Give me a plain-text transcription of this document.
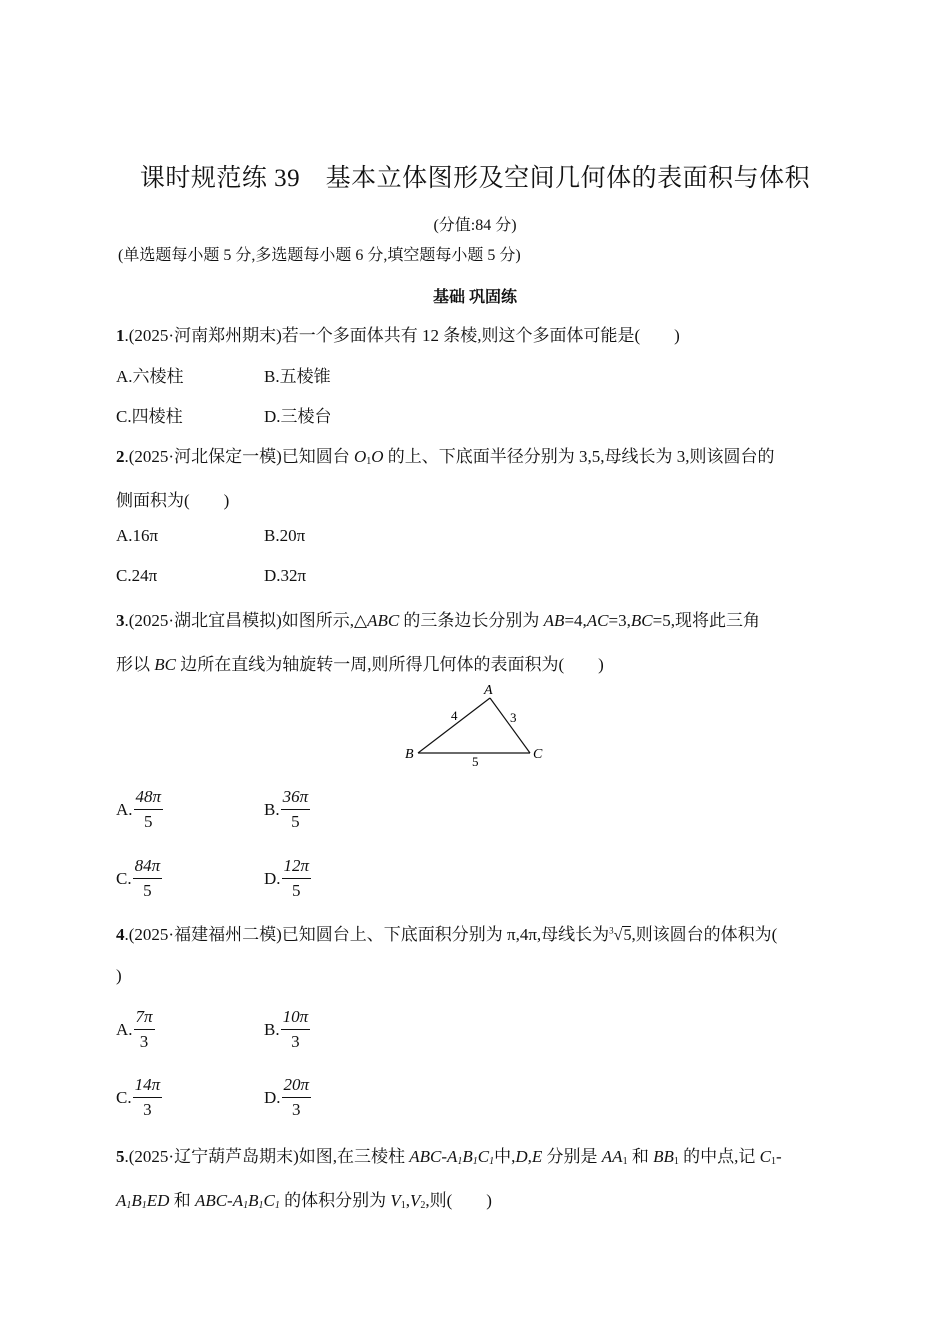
课时规范练 39　基本立体图形及空间几何体的表面积与体积
(分值:84 分)
(单选题每小题 5 分,多选题每小题 6 分,填空题每小题 5 分)
基础 巩固练
1.(2025·河南郑州期末)若一个多面体共有 12 条棱,则这个多面体可能是( )
A.六棱柱	B.五棱锥
C.四棱柱	D.三棱台
2.(2025·河北保定一模)已知圆台 $O_1O$ 的上、下底面半径分别为 3,5,母线长为 3,则该圆台的
侧面积为( )
A.16π	B.20π
C.24π	D.32π
3.(2025·湖北宜昌模拟)如图所示,△ABC 的三条边长分别为 AB=4,AC=3,BC=5,现将此三角
形以 BC 边所在直线为轴旋转一周,则所得几何体的表面积为( )
A
B	C
4	3
5
A. $\frac{48\pi}{5}$	B. $\frac{36\pi}{5}$
C. $\frac{84\pi}{5}$	D. $\frac{12\pi}{5}$
4.(2025·福建福州二模)已知圆台上、下底面积分别为 π,4π,母线长为$^3$√5,则该圆台的体积为(
)
A. $\frac{7\pi}{3}$	B. $\frac{10\pi}{3}$
C. $\frac{14\pi}{3}$	D. $\frac{20\pi}{3}$
5.(2025·辽宁葫芦岛期末)如图,在三棱柱 ABC-$A_1B_1C_1$中,D,E 分别是 $AA_1$ 和 $BB_1$ 的中点,记 $C_1-$
$A_1B_1ED$ 和 ABC-$A_1B_1C_1$ 的体积分别为 $V_1,V_2$,则( )
